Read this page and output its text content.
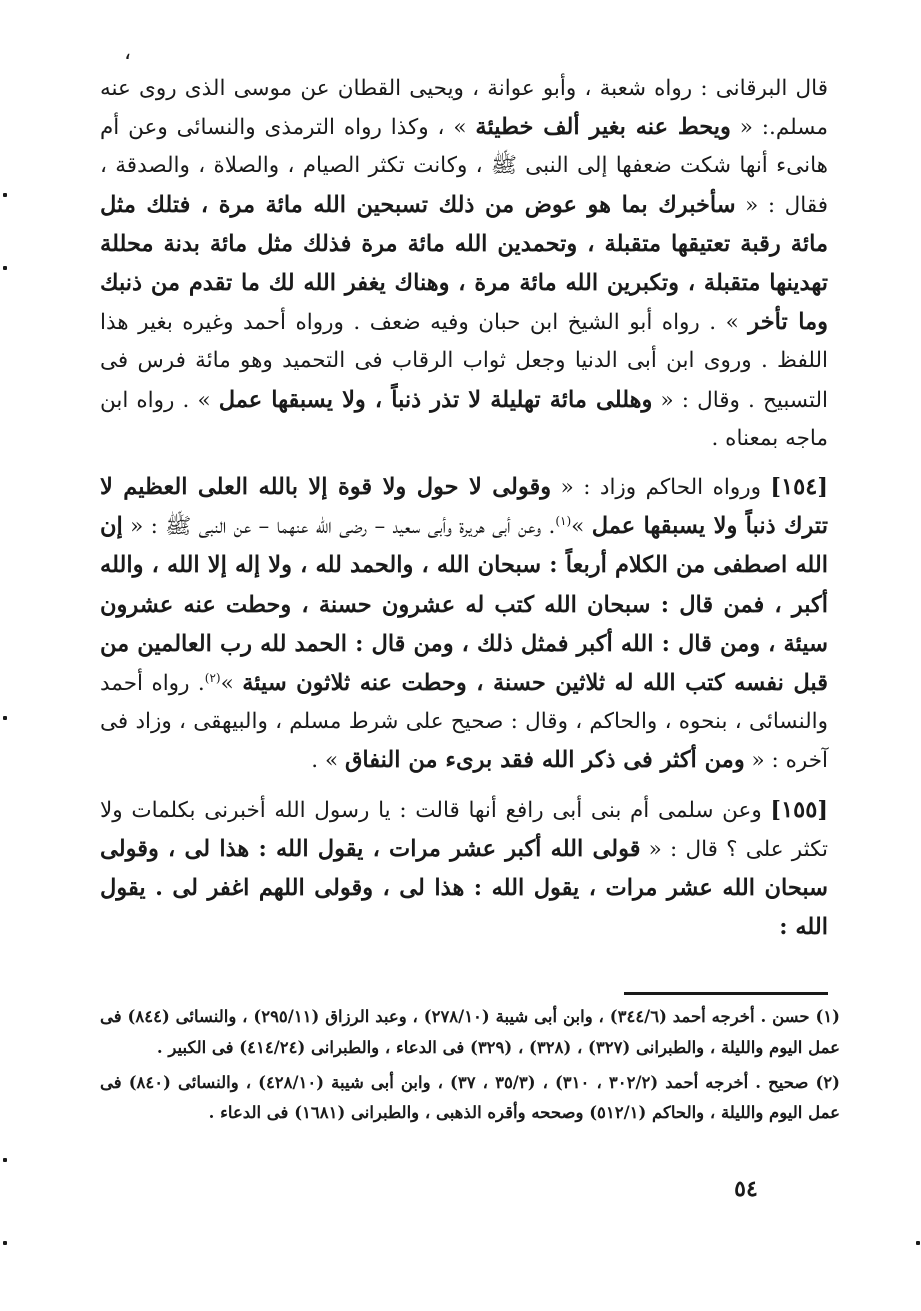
،

قال البرقانى : رواه شعبة ، وأبو عوانة ، ويحيى القطان عن موسى الذى روى عنه مسلم.: « ويحط عنه بغير ألف خطيئة » ، وكذا رواه الترمذى والنسائى وعن أم هانىء أنها شكت ضعفها إلى النبى ﷺ ، وكانت تكثر الصيام ، والصلاة ، والصدقة ، فقال : « سأخبرك بما هو عوض من ذلك تسبحين الله مائة مرة ، فتلك مثل مائة رقبة تعتيقها متقبلة ، وتحمدين الله مائة مرة فذلك مثل مائة بدنة محللة تهدينها متقبلة ، وتكبرين الله مائة مرة ، وهناك يغفر الله لك ما تقدم من ذنبك وما تأخر » . رواه أبو الشيخ ابن حبان وفيه ضعف . ورواه أحمد وغيره بغير هذا اللفظ . وروى ابن أبى الدنيا وجعل ثواب الرقاب فى التحميد وهو مائة فرس فى التسبيح . وقال : « وهللى مائة تهليلة لا تذر ذنباً ، ولا يسبقها عمل » . رواه ابن ماجه بمعناه .

[١٥٤] ورواه الحاكم وزاد : « وقولى لا حول ولا قوة إلا بالله العلى العظيم لا تترك ذنباً ولا يسبقها عمل »$^{(١)}$. وعن أبى هريرة وأبى سعيد – رضى الله عنهما – عن النبى ﷺ : « إن الله اصطفى من الكلام أربعاً : سبحان الله ، والحمد لله ، ولا إله إلا الله ، والله أكبر ، فمن قال : سبحان الله كتب له عشرون حسنة ، وحطت عنه عشرون سيئة ، ومن قال : الله أكبر فمثل ذلك ، ومن قال : الحمد لله رب العالمين من قبل نفسه كتب الله له ثلاثين حسنة ، وحطت عنه ثلاثون سيئة »$^{(٢)}$. رواه أحمد والنسائى ، بنحوه ، والحاكم ، وقال : صحيح على شرط مسلم ، والبيهقى ، وزاد فى آخره : « ومن أكثر فى ذكر الله فقد برىء من النفاق » .

[١٥٥] وعن سلمى أم بنى أبى رافع أنها قالت : يا رسول الله أخبرنى بكلمات ولا تكثر على ؟ قال : « قولى الله أكبر عشر مرات ، يقول الله : هذا لى ، وقولى سبحان الله عشر مرات ، يقول الله : هذا لى ، وقولى اللهم اغفر لى . يقول الله :

(١) حسن . أخرجه أحمد (٣٤٤/٦) ، وابن أبى شيبة (٢٧٨/١٠) ، وعبد الرزاق (٢٩٥/١١) ، والنسائى (٨٤٤) فى عمل اليوم والليلة ، والطبرانى (٣٢٧) ، (٣٢٨) ، (٣٢٩) فى الدعاء ، والطبرانى (٤١٤/٢٤) فى الكبير .

(٢) صحيح . أخرجه أحمد (٣٠٢/٢ ، ٣١٠) ، (٣٥/٣ ، ٣٧) ، وابن أبى شيبة (٤٢٨/١٠) ، والنسائى (٨٤٠) فى عمل اليوم والليلة ، والحاكم (٥١٢/١) وصححه وأقره الذهبى ، والطبرانى (١٦٨١) فى الدعاء .

٥٤
